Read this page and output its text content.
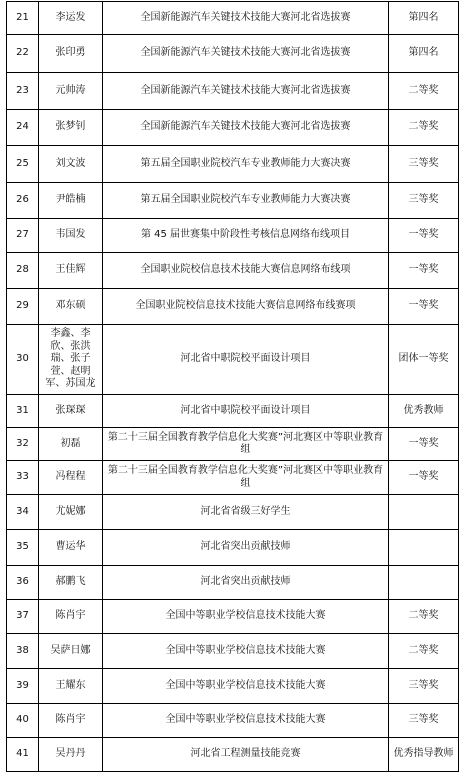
21	李运发	全国新能源汽车关键技术技能大赛河北省选拔赛	第四名
22	张印勇	全国新能源汽车关键技术技能大赛河北省选拔赛	第四名
23	元帅涛	全国新能源汽车关键技术技能大赛河北省选拔赛	二等奖
24	张梦钊	全国新能源汽车关键技术技能大赛河北省选拔赛	二等奖
25	刘文波	第五届全国职业院校汽车专业教师能力大赛决赛	三等奖
26	尹皓楠	第五届全国职业院校汽车专业教师能力大赛决赛	三等奖
27	韦国发	第 45 届世赛集中阶段性考核信息网络布线项目	一等奖
28	王佳辉	全国职业院校信息技术技能大赛信息网络布线项	一等奖
29	邓东硕	全国职业院校信息技术技能大赛信息网络布线赛项	一等奖
30	李鑫、李欣、张洪瑞、张子萱、赵明军、苏国龙	河北省中职院校平面设计项目	团体一等奖
31	张琛琛	河北省中职院校平面设计项目	优秀教师
32	初磊	第二十三届全国教育教学信息化大奖赛”河北赛区中等职业教育组	一等奖
33	冯程程	第二十三届全国教育教学信息化大奖赛”河北赛区中等职业教育组	一等奖
34	尤妮娜	河北省省级三好学生	
35	曹运华	河北省突出贡献技师	
36	郝鹏飞	河北省突出贡献技师	
37	陈肖宇	全国中等职业学校信息技术技能大赛	二等奖
38	吴萨日娜	全国中等职业学校信息技术技能大赛	二等奖
39	王耀东	全国中等职业学校信息技术技能大赛	三等奖
40	陈肖宇	全国中等职业学校信息技术技能大赛	三等奖
41	吴丹丹	河北省工程测量技能竞赛	优秀指导教师
